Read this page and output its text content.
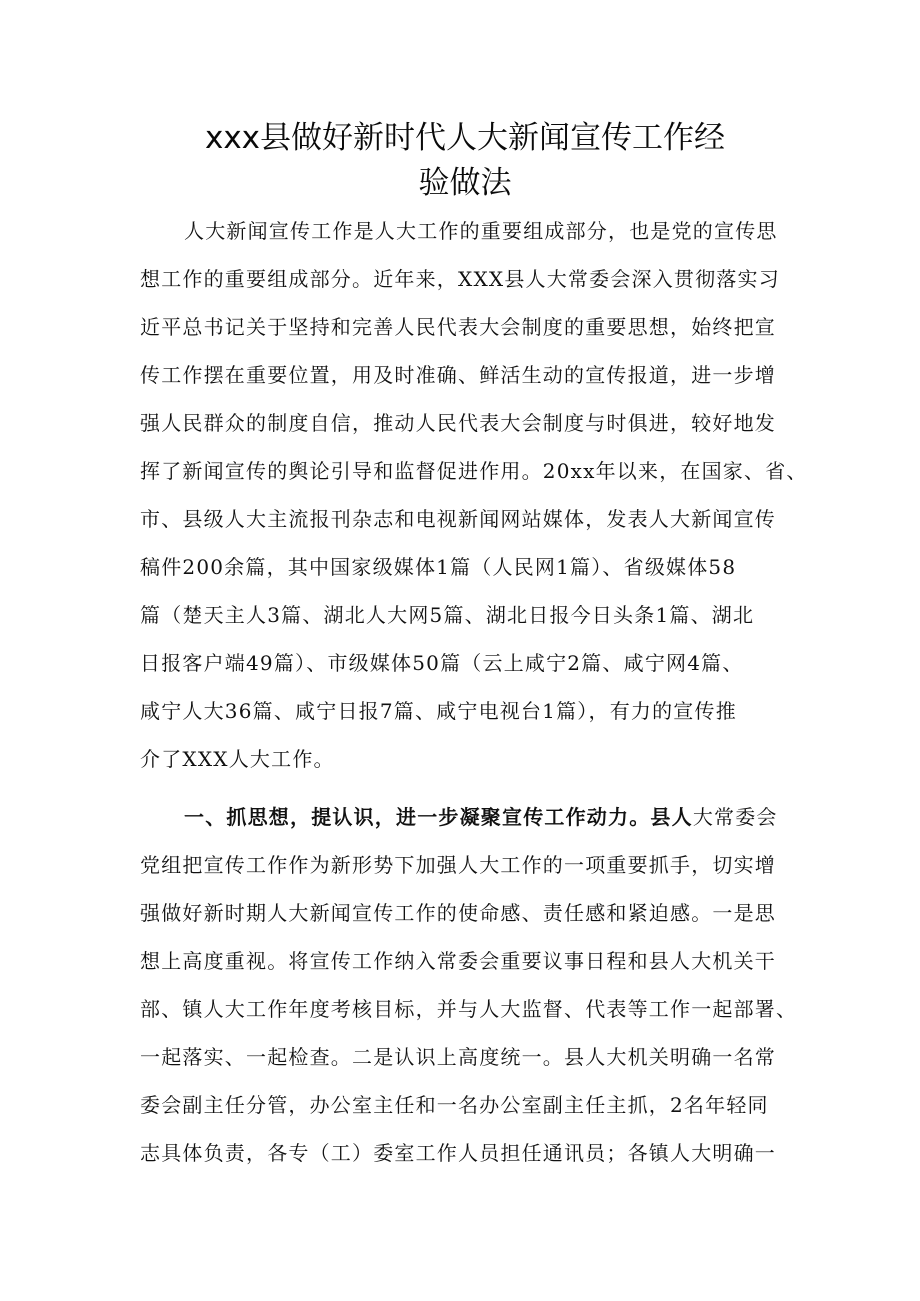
xxx县做好新时代人大新闻宣传工作经
验做法
人大新闻宣传工作是人大工作的重要组成部分，也是党的宣传思
想工作的重要组成部分。近年来，XXX县人大常委会深入贯彻落实习
近平总书记关于坚持和完善人民代表大会制度的重要思想，始终把宣
传工作摆在重要位置，用及时准确、鲜活生动的宣传报道，进一步增
强人民群众的制度自信，推动人民代表大会制度与时俱进，较好地发
挥了新闻宣传的舆论引导和监督促进作用。20xx年以来，在国家、省、
市、县级人大主流报刊杂志和电视新闻网站媒体，发表人大新闻宣传
稿件200余篇，其中国家级媒体1篇（人民网1篇）、省级媒体58
篇（楚天主人3篇、湖北人大网5篇、湖北日报今日头条1篇、湖北
日报客户端49篇）、市级媒体50篇（云上咸宁2篇、咸宁网4篇、
咸宁人大36篇、咸宁日报7篇、咸宁电视台1篇），有力的宣传推
介了XXX人大工作。
一、抓思想，提认识，进一步凝聚宣传工作动力。县人大常委会
党组把宣传工作作为新形势下加强人大工作的一项重要抓手，切实增
强做好新时期人大新闻宣传工作的使命感、责任感和紧迫感。一是思
想上高度重视。将宣传工作纳入常委会重要议事日程和县人大机关干
部、镇人大工作年度考核目标，并与人大监督、代表等工作一起部署、
一起落实、一起检查。二是认识上高度统一。县人大机关明确一名常
委会副主任分管，办公室主任和一名办公室副主任主抓，2名年轻同
志具体负责，各专（工）委室工作人员担任通讯员；各镇人大明确一
